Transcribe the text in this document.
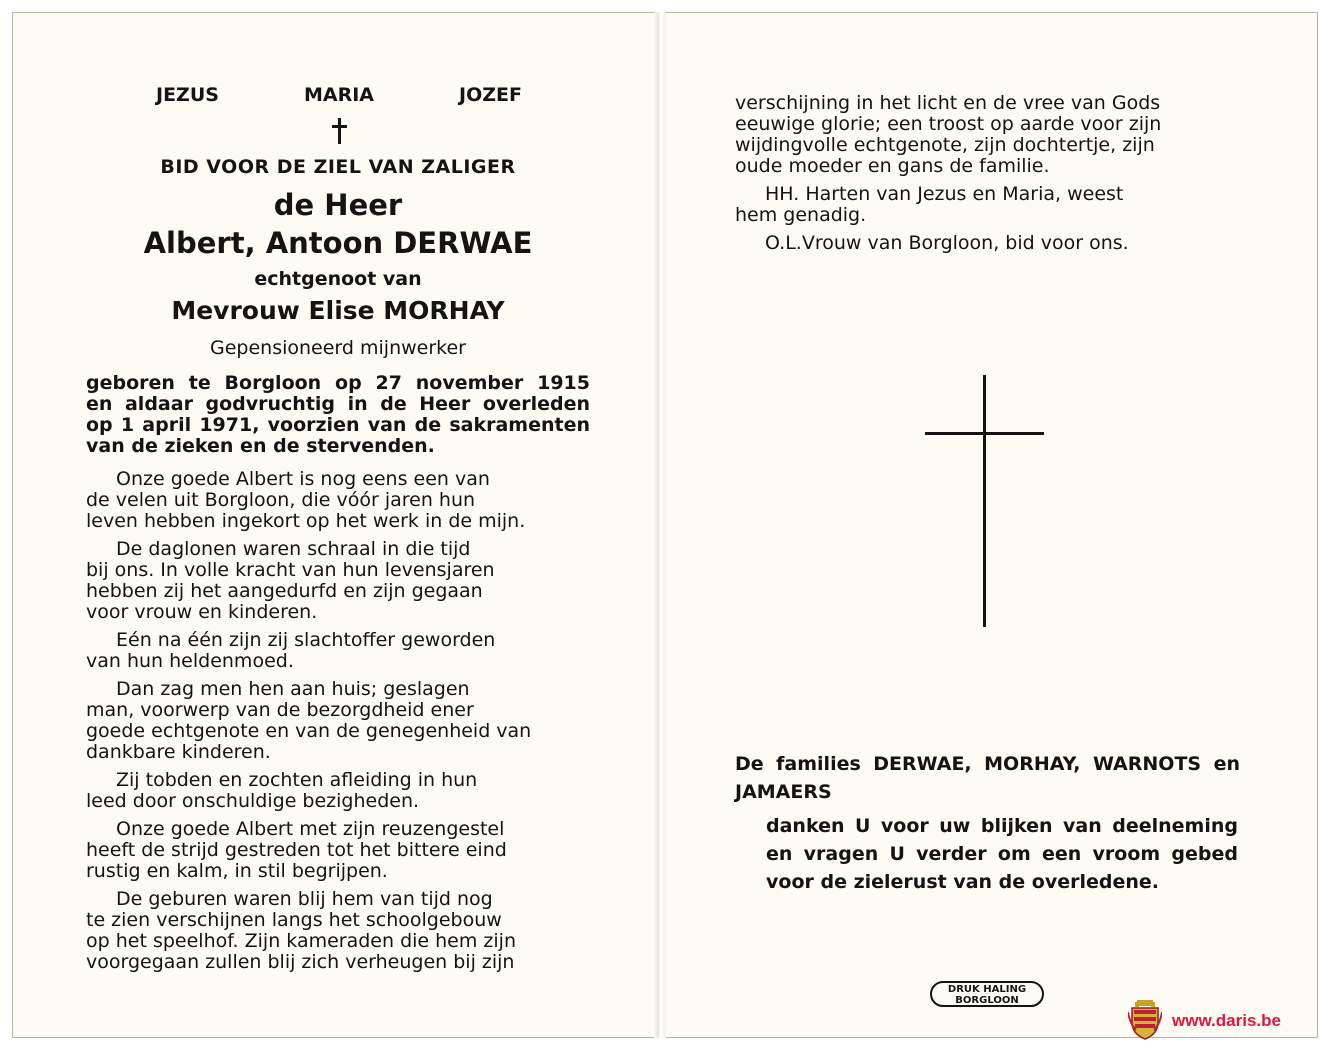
JEZUS	MARIA	JOZEF
BID VOOR DE ZIEL VAN ZALIGER
de Heer
Albert, Antoon DERWAE
echtgenoot van
Mevrouw Elise MORHAY
Gepensioneerd mijnwerker
geboren te Borgloon op 27 november 1915
en aldaar godvruchtig in de Heer overleden
op 1 april 1971, voorzien van de sakramenten
van de zieken en de stervenden.

Onze goede Albert is nog eens een van
de velen uit Borgloon, die vóór jaren hun
leven hebben ingekort op het werk in de mijn.

De daglonen waren schraal in die tijd
bij ons. In volle kracht van hun levensjaren
hebben zij het aangedurfd en zijn gegaan
voor vrouw en kinderen.

Eén na één zijn zij slachtoffer geworden
van hun heldenmoed.

Dan zag men hen aan huis; geslagen
man, voorwerp van de bezorgdheid ener
goede echtgenote en van de genegenheid van
dankbare kinderen.

Zij tobden en zochten afleiding in hun
leed door onschuldige bezigheden.

Onze goede Albert met zijn reuzengestel
heeft de strijd gestreden tot het bittere eind
rustig en kalm, in stil begrijpen.

De geburen waren blij hem van tijd nog
te zien verschijnen langs het schoolgebouw
op het speelhof. Zijn kameraden die hem zijn
voorgegaan zullen blij zich verheugen bij zijn

verschijning in het licht en de vree van Gods
eeuwige glorie; een troost op aarde voor zijn
wijdingvolle echtgenote, zijn dochtertje, zijn
oude moeder en gans de familie.

HH. Harten van Jezus en Maria, weest
hem genadig.

O.L.Vrouw van Borgloon, bid voor ons.

De families DERWAE, MORHAY, WARNOTS en
JAMAERS
danken U voor uw blijken van deelneming
en vragen U verder om een vroom gebed
voor de zielerust van de overledene.
DRUK HALING
BORGLOON
www.daris.be
